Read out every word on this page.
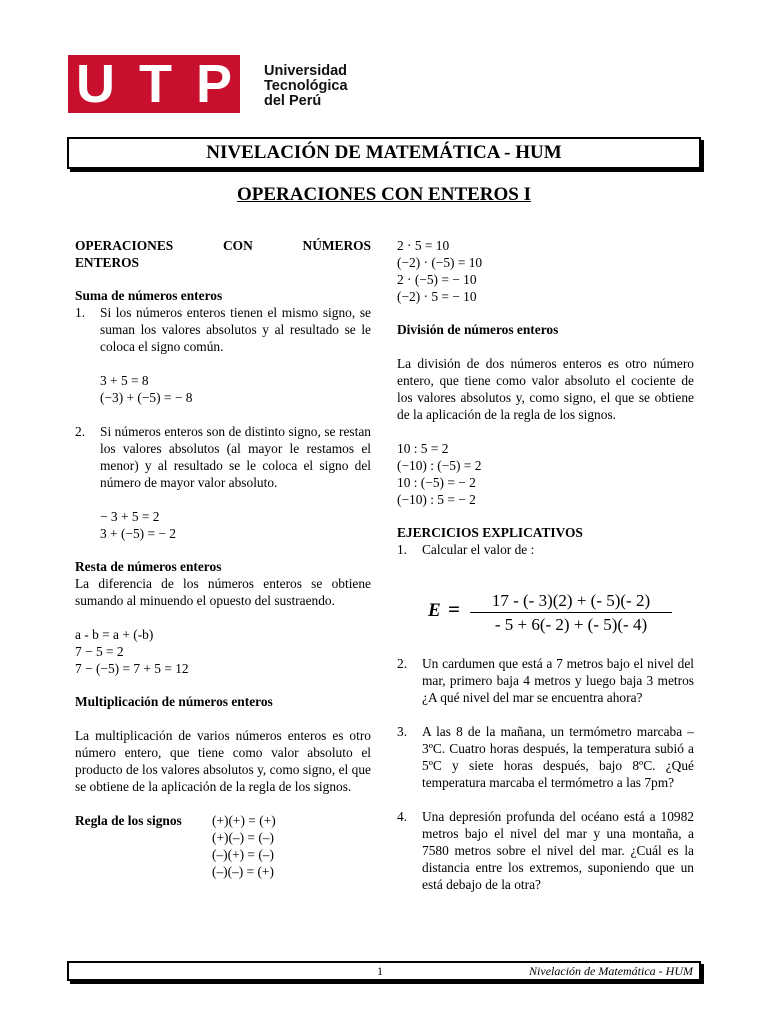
U T P Universidad
Tecnológica
del Perú
NIVELACIÓN DE MATEMÁTICA - HUM
OPERACIONES CON ENTEROS I
OPERACIONES	CON	NÚMEROS
ENTEROS
Suma de números enteros
1.	Si los números enteros tienen el mismo signo, se suman los valores absolutos y al resultado se le coloca el signo común.
3 + 5 = 8
(−3) + (−5) = − 8
2.	Si números enteros son de distinto signo, se restan los valores absolutos (al mayor le restamos el menor) y al resultado se le coloca el signo del número de mayor valor absoluto.
− 3 + 5 = 2
3 + (−5) = − 2
Resta de números enteros
La diferencia de los números enteros se obtiene sumando al minuendo el opuesto del sustraendo.
a - b = a + (-b)
7 − 5 = 2
7 − (−5) = 7 + 5 = 12
Multiplicación de números enteros
La multiplicación de varios números enteros es otro número entero, que tiene como valor absoluto el producto de los valores absolutos y, como signo, el que se obtiene de la aplicación de la regla de los signos.
Regla de los signos	(+)(+) = (+)
(+)(–) = (–)
(–)(+) = (–)
(–)(–) = (+)
2 · 5 = 10
(−2) · (−5) = 10
2 · (−5) = − 10
(−2) · 5 = − 10
División de números enteros
La división de dos números enteros es otro número entero, que tiene como valor absoluto el cociente de los valores absolutos y, como signo, el que se obtiene de la aplicación de la regla de los signos.
10 : 5 = 2
(−10) : (−5) = 2
10 : (−5) = − 2
(−10) : 5 = − 2
EJERCICIOS EXPLICATIVOS
1.	Calcular el valor de :
E =	17 - (- 3)(2) + (- 5)(- 2)
- 5 + 6(- 2) + (- 5)(- 4)
2.	Un cardumen que está a 7 metros bajo el nivel del mar, primero baja 4 metros y luego baja 3 metros ¿A qué nivel del mar se encuentra ahora?
3.	A las 8 de la mañana, un termómetro marcaba – 3ºC. Cuatro horas después, la temperatura subió a 5ºC y siete horas después, bajo 8ºC. ¿Qué temperatura marcaba el termómetro a las 7pm?
4.	Una depresión profunda del océano está a 10982 metros bajo el nivel del mar y una montaña, a 7580 metros sobre el nivel del mar. ¿Cuál es la distancia entre los extremos, suponiendo que un está debajo de la otra?
1	Nivelación de Matemática - HUM
